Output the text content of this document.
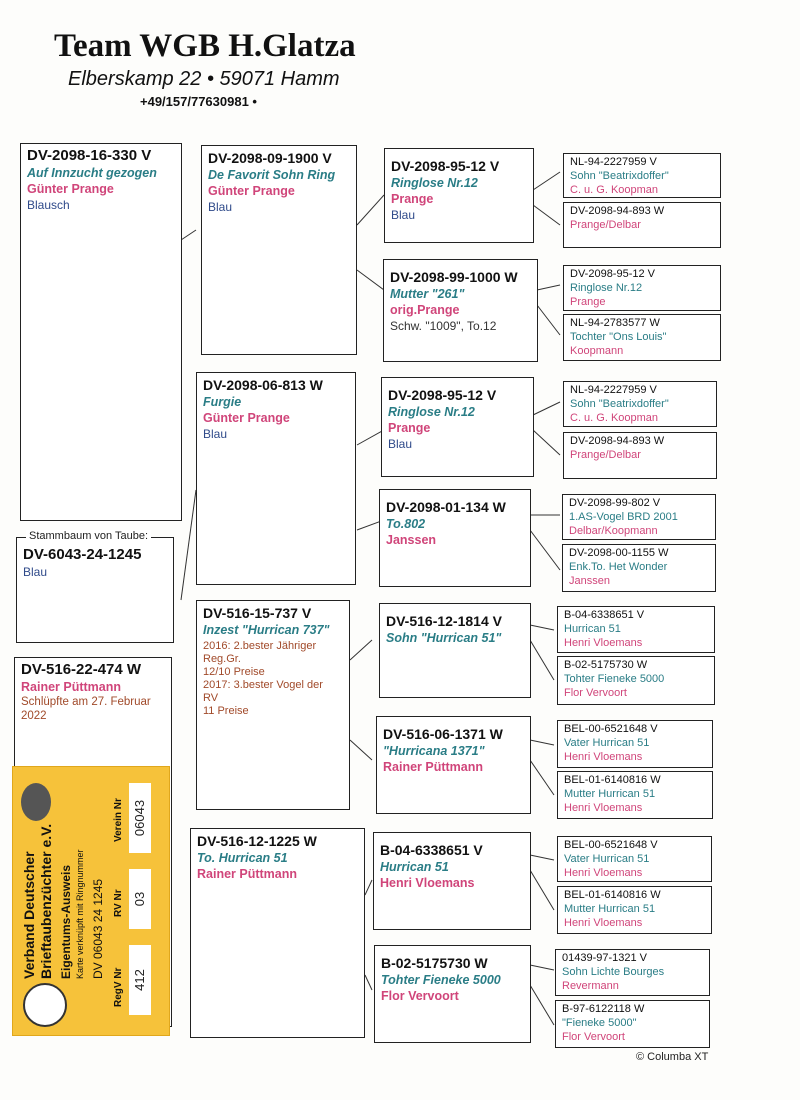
Team WGB H.Glatza
Elberskamp 22 • 59071 Hamm
+49/157/77630981 •
DV-2098-16-330 V
Auf Innzucht gezogen
Günter Prange
Blausch
DV-6043-24-1245
Blau
Stammbaum von Taube:
DV-516-22-474 W
Rainer Püttmann
Schlüpfte am 27. Februar 2022
Verband Deutscher Brieftaubenzüchter e.V. Eigentums-Ausweis Karte verknüpft mit Ringnummer DV 06043 24 1245
RegV Nr
RV Nr
Verein Nr
412
03
06043
DV-516-15-737 V
Inzest "Hurrican 737"
2016: 2.bester Jähriger
Reg.Gr.
12/10 Preise
2017: 3.bester Vogel der
RV
11 Preise
DV-2098-09-1900 V
De Favorit Sohn Ring
Günter Prange
Blau
DV-2098-06-813 W
Furgie
Günter Prange
Blau
DV-516-12-1225 W
To. Hurrican 51
Rainer Püttmann
DV-2098-95-12 V
Ringlose Nr.12
Prange
Blau
DV-2098-99-1000 W
Mutter "261"
orig.Prange
Schw. "1009", To.12
DV-2098-95-12 V
Ringlose Nr.12
Prange
Blau
DV-2098-01-134 W
To.802
Janssen
DV-516-12-1814 V
Sohn "Hurrican 51"
DV-516-06-1371 W
"Hurricana 1371"
Rainer Püttmann
B-04-6338651 V
Hurrican 51
Henri Vloemans
B-02-5175730 W
Tohter Fieneke 5000
Flor Vervoort
NL-94-2227959 V
Sohn "Beatrixdoffer"
C. u. G. Koopman
DV-2098-94-893 W
Prange/Delbar
DV-2098-95-12 V
Ringlose Nr.12
Prange
NL-94-2783577 W
Tochter "Ons Louis"
Koopmann
NL-94-2227959 V
Sohn "Beatrixdoffer"
C. u. G. Koopman
DV-2098-94-893 W
Prange/Delbar
DV-2098-99-802 V
1.AS-Vogel BRD 2001
Delbar/Koopmann
DV-2098-00-1155 W
Enk.To. Het Wonder
Janssen
B-04-6338651 V
Hurrican 51
Henri Vloemans
B-02-5175730 W
Tohter Fieneke 5000
Flor Vervoort
BEL-00-6521648 V
Vater Hurrican 51
Henri Vloemans
BEL-01-6140816 W
Mutter Hurrican 51
Henri Vloemans
BEL-00-6521648 V
Vater Hurrican 51
Henri Vloemans
BEL-01-6140816 W
Mutter Hurrican 51
Henri Vloemans
01439-97-1321 V
Sohn Lichte Bourges
Revermann
B-97-6122118 W
"Fieneke 5000"
Flor Vervoort
© Columba XT
